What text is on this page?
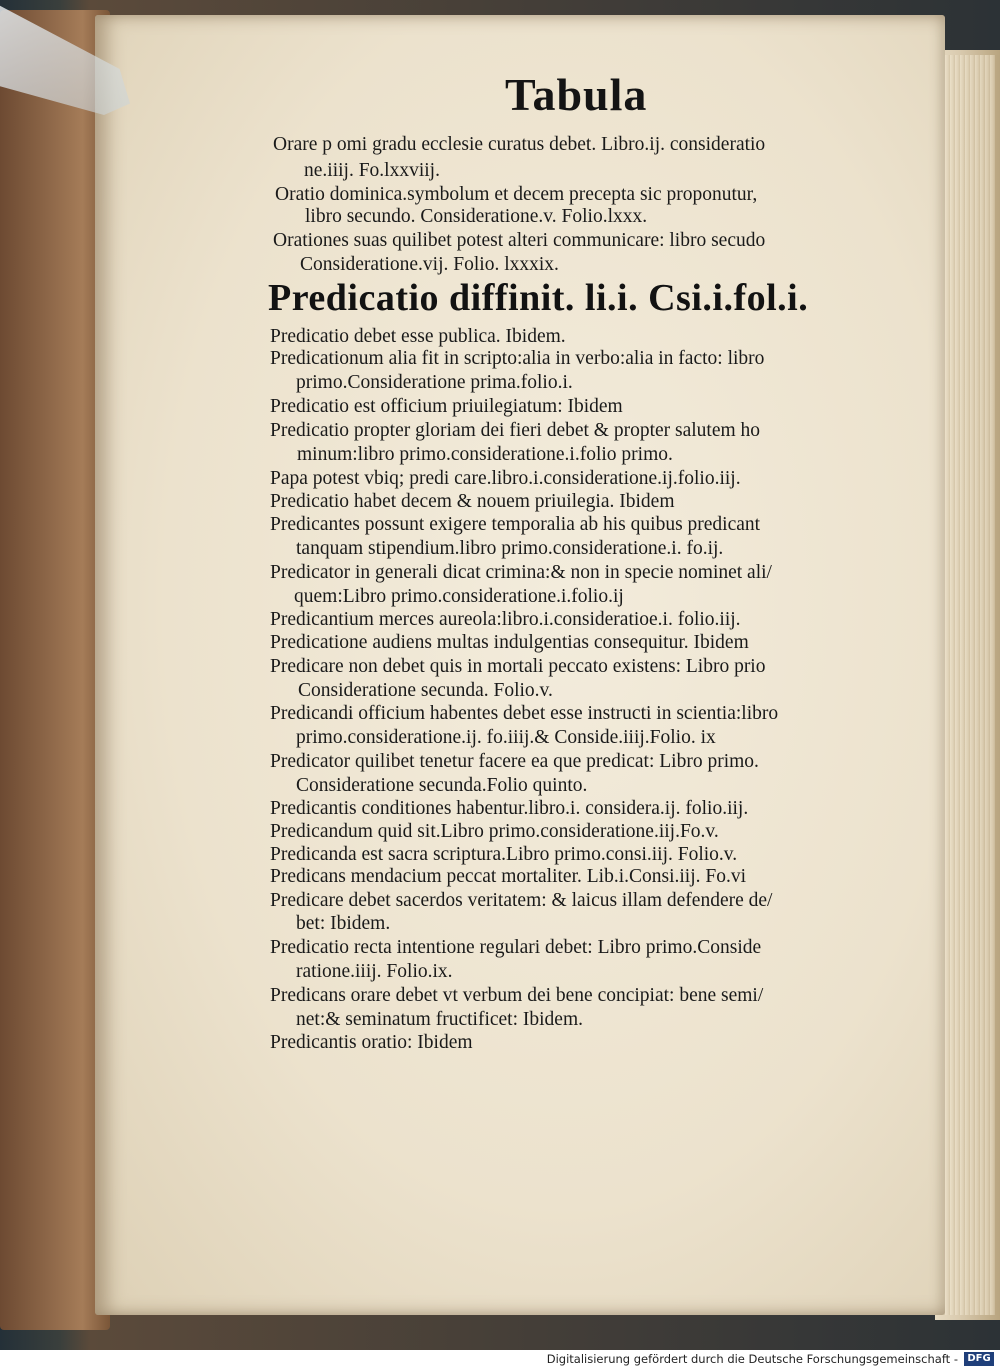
Tabula
Orare p omi gradu ecclesie curatus debet. Libro.ij. consideratio
ne.iiij. Fo.lxxviij.
Oratio dominica.symbolum et decem precepta sic proponutur,
libro secundo. Consideratione.v. Folio.lxxx.
Orationes suas quilibet potest alteri communicare: libro secudo
Consideratione.vij. Folio. lxxxix.
Predicatio diffinit. li.i. Csi.i.fol.i.
Predicatio debet esse publica. Ibidem.
Predicationum alia fit in scripto:alia in verbo:alia in facto: libro
primo.Consideratione prima.folio.i.
Predicatio est officium priuilegiatum: Ibidem
Predicatio propter gloriam dei fieri debet & propter salutem ho
minum:libro primo.consideratione.i.folio primo.
Papa potest vbiq; predi care.libro.i.consideratione.ij.folio.iij.
Predicatio habet decem & nouem priuilegia. Ibidem
Predicantes possunt exigere temporalia ab his quibus predicant
tanquam stipendium.libro primo.consideratione.i. fo.ij.
Predicator in generali dicat crimina:& non in specie nominet ali/
quem:Libro primo.consideratione.i.folio.ij
Predicantium merces aureola:libro.i.consideratioe.i. folio.iij.
Predicatione audiens multas indulgentias consequitur. Ibidem
Predicare non debet quis in mortali peccato existens: Libro prio
Consideratione secunda. Folio.v.
Predicandi officium habentes debet esse instructi in scientia:libro
primo.consideratione.ij. fo.iiij.& Conside.iiij.Folio. ix
Predicator quilibet tenetur facere ea que predicat: Libro primo.
Consideratione secunda.Folio quinto.
Predicantis conditiones habentur.libro.i. considera.ij. folio.iij.
Predicandum quid sit.Libro primo.consideratione.iij.Fo.v.
Predicanda est sacra scriptura.Libro primo.consi.iij. Folio.v.
Predicans mendacium peccat mortaliter. Lib.i.Consi.iij. Fo.vi
Predicare debet sacerdos veritatem: & laicus illam defendere de/
bet: Ibidem.
Predicatio recta intentione regulari debet: Libro primo.Conside
ratione.iiij. Folio.ix.
Predicans orare debet vt verbum dei bene concipiat: bene semi/
net:& seminatum fructificet: Ibidem.
Predicantis oratio: Ibidem
Digitalisierung gefördert durch die Deutsche Forschungsgemeinschaft - DFG
